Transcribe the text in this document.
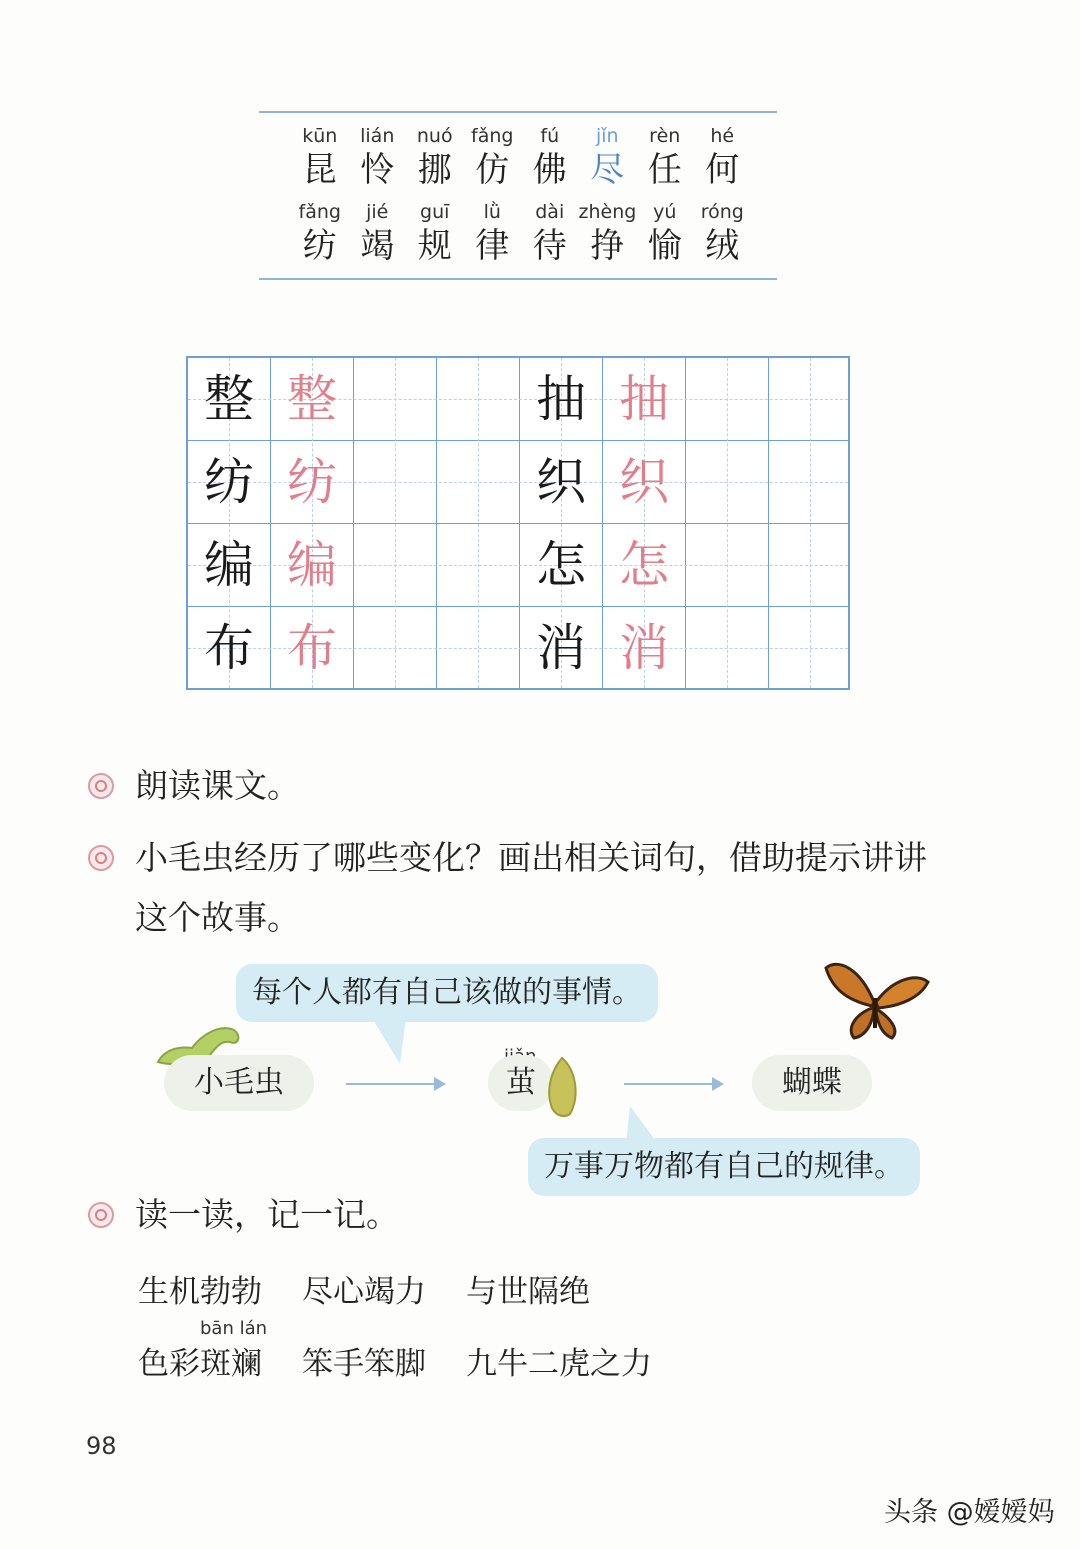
kūn
昆
lián
怜
nuó
挪
fǎng
仿
fú
佛
jǐn
尽
rèn
任
hé
何
fǎng
纺
jié
竭
guī
规
lǜ
律
dài
待
zhèng
挣
yú
愉
róng
绒
整 整
纺 纺
编 编
布 布
抽 抽
织 织
怎 怎
消 消
朗读课文。
小毛虫经历了哪些变化？画出相关词句，借助提示讲讲
这个故事。
每个人都有自己该做的事情。
小毛虫	茧	蝴蝶
万事万物都有自己的规律。
读一读，记一记。
生机勃勃 尽心竭力 与世隔绝
bān lán
色彩斑斓 笨手笨脚 九牛二虎之力
98
头条 @嫒嫒妈
